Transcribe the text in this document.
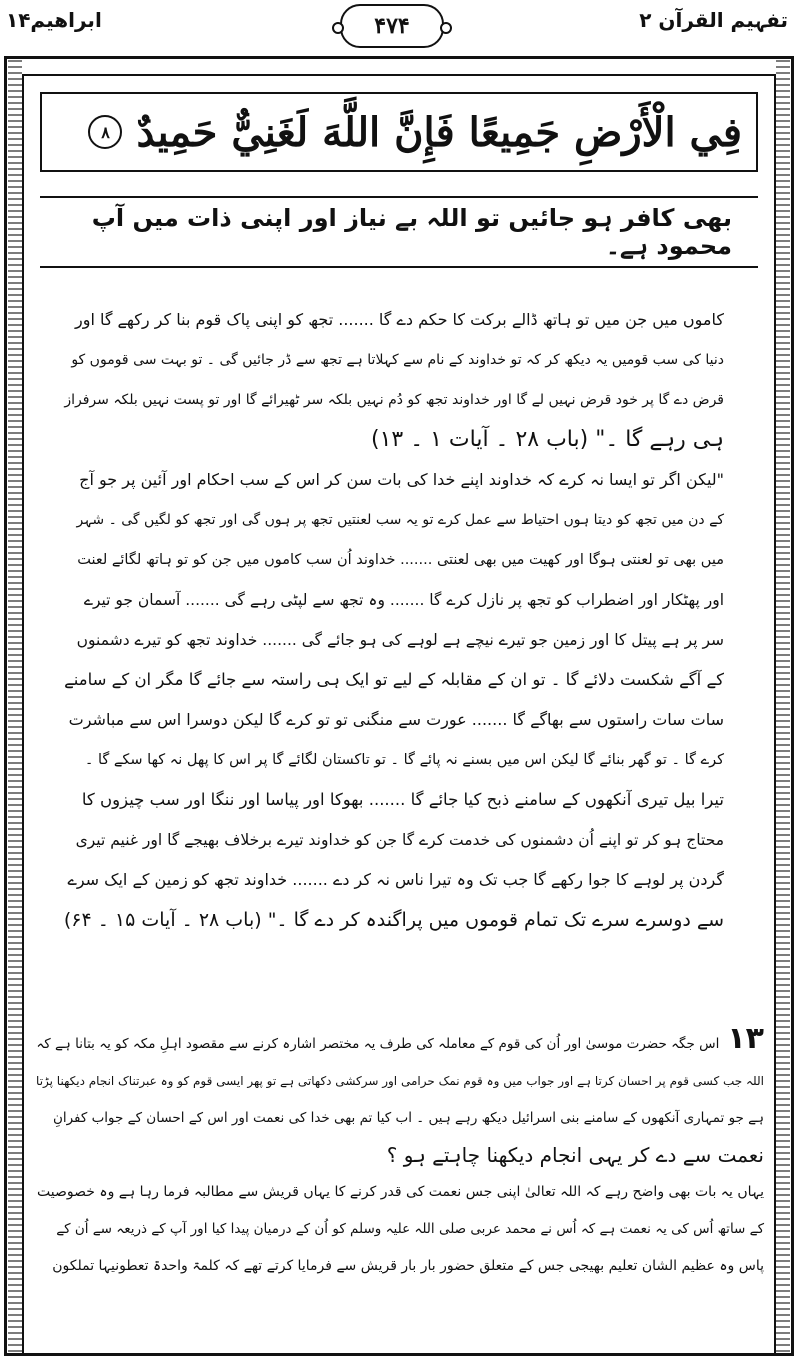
تفہیم القرآن ۲
۴۷۴
ابراھیم۱۴
فِي الْأَرْضِ جَمِيعًا فَإِنَّ اللَّهَ لَغَنِيٌّ حَمِيدٌ
۸
بھی کافر ہو جائیں تو اللہ بے نیاز اور اپنی ذات میں آپ محمود ہے۔

کاموں میں جن میں تو ہاتھ ڈالے برکت کا حکم دے گا ....... تجھ کو اپنی پاک قوم بنا کر رکھے گا اور

دنیا کی سب قومیں یہ دیکھ کر کہ تو خداوند کے نام سے کہلاتا ہے تجھ سے ڈر جائیں گی ۔ تو بہت سی قوموں کو

قرض دے گا پر خود قرض نہیں لے گا اور خداوند تجھ کو دُم نہیں بلکہ سر ٹھیرائے گا اور تو پست نہیں بلکہ سرفراز

ہی رہے گا ۔" (باب ۲۸ ۔ آیات ۱ ۔ ۱۳)

"لیکن اگر تو ایسا نہ کرے کہ خداوند اپنے خدا کی بات سن کر اس کے سب احکام اور آئین پر جو آج

کے دن میں تجھ کو دیتا ہوں احتیاط سے عمل کرے تو یہ سب لعنتیں تجھ پر ہوں گی اور تجھ کو لگیں گی ۔ شہر

میں بھی تو لعنتی ہوگا اور کھیت میں بھی لعنتی ....... خداوند اُن سب کاموں میں جن کو تو ہاتھ لگائے لعنت

اور پھٹکار اور اضطراب کو تجھ پر نازل کرے گا ....... وہ تجھ سے لپٹی رہے گی ....... آسمان جو تیرے

سر پر ہے پیتل کا اور زمین جو تیرے نیچے ہے لوہے کی ہو جائے گی ....... خداوند تجھ کو تیرے دشمنوں

کے آگے شکست دلائے گا ۔ تو ان کے مقابلہ کے لیے تو ایک ہی راستہ سے جائے گا مگر ان کے سامنے

سات سات راستوں سے بھاگے گا ....... عورت سے منگنی تو تو کرے گا لیکن دوسرا اس سے مباشرت

کرے گا ۔ تو گھر بنائے گا لیکن اس میں بسنے نہ پائے گا ۔ تو تاکستان لگائے گا پر اس کا پھل نہ کھا سکے گا ۔

تیرا بیل تیری آنکھوں کے سامنے ذبح کیا جائے گا ....... بھوکا اور پیاسا اور ننگا اور سب چیزوں کا

محتاج ہو کر تو اپنے اُن دشمنوں کی خدمت کرے گا جن کو خداوند تیرے برخلاف بھیجے گا اور غنیم تیری

گردن پر لوہے کا جوا رکھے گا جب تک وہ تیرا ناس نہ کر دے ....... خداوند تجھ کو زمین کے ایک سرے

سے دوسرے سرے تک تمام قوموں میں پراگندہ کر دے گا ۔" (باب ۲۸ ۔ آیات ۱۵ ۔ ۶۴)

۱۳اس جگہ حضرت موسیٰ اور اُن کی قوم کے معاملہ کی طرف یہ مختصر اشارہ کرنے سے مقصود اہلِ مکہ کو یہ بتانا ہے کہ

اللہ جب کسی قوم پر احسان کرتا ہے اور جواب میں وہ قوم نمک حرامی اور سرکشی دکھاتی ہے تو پھر ایسی قوم کو وہ عبرتناک انجام دیکھنا پڑتا

ہے جو تمہاری آنکھوں کے سامنے بنی اسرائیل دیکھ رہے ہیں ۔ اب کیا تم بھی خدا کی نعمت اور اس کے احسان کے جواب کفرانِ

نعمت سے دے کر یہی انجام دیکھنا چاہتے ہو ؟

یہاں یہ بات بھی واضح رہے کہ اللہ تعالیٰ اپنی جس نعمت کی قدر کرنے کا یہاں قریش سے مطالبہ فرما رہا ہے وہ خصوصیت

کے ساتھ اُس کی یہ نعمت ہے کہ اُس نے محمد عربی صلی اللہ علیہ وسلم کو اُن کے درمیان پیدا کیا اور آپ کے ذریعہ سے اُن کے

پاس وہ عظیم الشان تعلیم بھیجی جس کے متعلق حضور بار بار قریش سے فرمایا کرتے تھے کہ کلمۃ واحدۃ تعطونیہا تملکون
